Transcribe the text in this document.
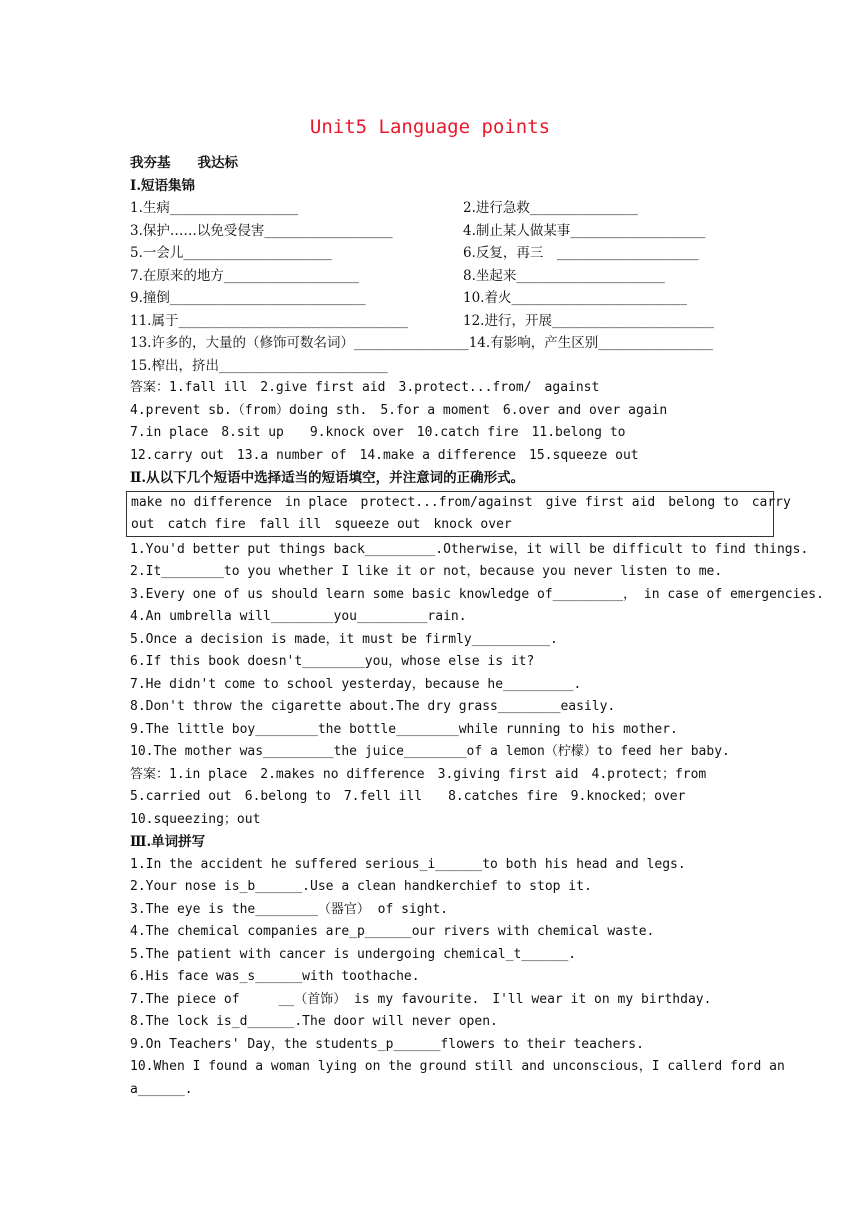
Unit5 Language points
我夯基　　我达标
Ⅰ.短语集锦
1.生病___________________	2.进行急救________________
3.保护……以免受侵害___________________	4.制止某人做某事____________________
5.一会儿______________________	6.反复，再三　_____________________
7.在原来的地方____________________	8.坐起来______________________
9.撞倒_____________________________	10.着火__________________________
11.属于__________________________________	12.进行，开展________________________
13.许多的，大量的（修饰可数名词）_________________14.有影响，产生区别_________________
15.榨出，挤出_________________________
答案：1.fall ill　2.give first aid　3.protect...from/　against
4.prevent sb.（from）doing sth.　5.for a moment　6.over and over again
7.in place　8.sit up　　9.knock over　10.catch fire　11.belong to
12.carry out　13.a number of　14.make a difference　15.squeeze out
Ⅱ.从以下几个短语中选择适当的短语填空，并注意词的正确形式。
make no difference　in place　protect...from/against　give first aid　belong to　carry
out　catch fire　fall ill　squeeze out　knock over
1.You'd better put things back_________.Otherwise，it will be difficult to find things.
2.It________to you whether I like it or not，because you never listen to me.
3.Every one of us should learn some basic knowledge of_________， in case of emergencies.
4.An umbrella will________you_________rain.
5.Once a decision is made，it must be firmly__________.
6.If this book doesn't________you，whose else is it?
7.He didn't come to school yesterday，because he_________.
8.Don't throw the cigarette about.The dry grass________easily.
9.The little boy________the bottle________while running to his mother.
10.The mother was_________the juice________of a lemon（柠檬）to feed her baby.
答案：1.in place　2.makes no difference　3.giving first aid　4.protect；from
5.carried out　6.belong to　7.fell ill　　8.catches fire　9.knocked；over
10.squeezing；out
Ⅲ.单词拼写
1.In the accident he suffered serious_i______to both his head and legs.
2.Your nose is_b______.Use a clean handkerchief to stop it.
3.The eye is the________（器官） of sight.
4.The chemical companies are_p______our rivers with chemical waste.
5.The patient with cancer is undergoing chemical_t______.
6.His face was_s______with toothache.
7.The piece of　　　__（首饰） is my favourite.　I'll wear it on my birthday.
8.The lock is_d______.The door will never open.
9.On Teachers' Day，the students_p______flowers to their teachers.
10.When I found a woman lying on the ground still and unconscious，I callerd ford an
a______.
